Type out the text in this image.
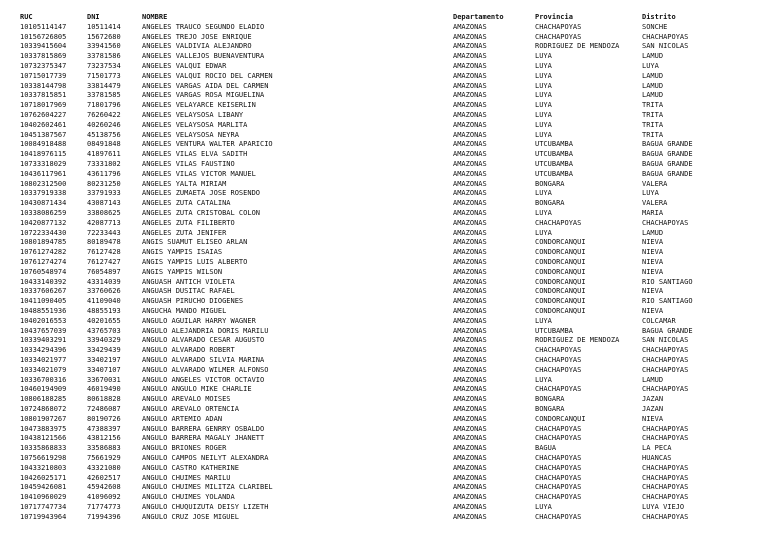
RUC	DNI	NOMBRE	Departamento	Provincia	Distrito
10105114147	10511414	ANGELES TRAUCO SEGUNDO ELADIO	AMAZONAS	CHACHAPOYAS	SONCHE
10156726805	15672680	ANGELES TREJO JOSE ENRIQUE	AMAZONAS	CHACHAPOYAS	CHACHAPOYAS
10339415604	33941560	ANGELES VALDIVIA ALEJANDRO	AMAZONAS	RODRIGUEZ DE MENDOZA	SAN NICOLAS
10337815869	33781586	ANGELES VALLEJOS BUENAVENTURA	AMAZONAS	LUYA	LAMUD
10732375347	73237534	ANGELES VALQUI EDWAR	AMAZONAS	LUYA	LUYA
10715017739	71501773	ANGELES VALQUI ROCIO DEL CARMEN	AMAZONAS	LUYA	LAMUD
10338144798	33814479	ANGELES VARGAS AIDA DEL CARMEN	AMAZONAS	LUYA	LAMUD
10337815851	33781585	ANGELES VARGAS ROSA MIGUELINA	AMAZONAS	LUYA	LAMUD
10718017969	71801796	ANGELES VELAYARCE KEISERLIN	AMAZONAS	LUYA	TRITA
10762604227	76260422	ANGELES VELAYSOSA LIBANY	AMAZONAS	LUYA	TRITA
10402602461	40260246	ANGELES VELAYSOSA MARLITA	AMAZONAS	LUYA	TRITA
10451387567	45138756	ANGELES VELAYSOSA NEYRA	AMAZONAS	LUYA	TRITA
10084918488	08491848	ANGELES VENTURA WALTER APARICIO	AMAZONAS	UTCUBAMBA	BAGUA GRANDE
10418976115	41897611	ANGELES VILAS ELVA SADITH	AMAZONAS	UTCUBAMBA	BAGUA GRANDE
10733318029	73331802	ANGELES VILAS FAUSTINO	AMAZONAS	UTCUBAMBA	BAGUA GRANDE
10436117961	43611796	ANGELES VILAS VICTOR MANUEL	AMAZONAS	UTCUBAMBA	BAGUA GRANDE
10802312500	80231250	ANGELES YALTA MIRIAM	AMAZONAS	BONGARA	VALERA
10337919338	33791933	ANGELES ZUMAETA JOSE ROSENDO	AMAZONAS	LUYA	LUYA
10430871434	43087143	ANGELES ZUTA CATALINA	AMAZONAS	BONGARA	VALERA
10338086259	33808625	ANGELES ZUTA CRISTOBAL COLON	AMAZONAS	LUYA	MARIA
10420877132	42087713	ANGELES ZUTA FILIBERTO	AMAZONAS	CHACHAPOYAS	CHACHAPOYAS
10722334430	72233443	ANGELES ZUTA JENIFER	AMAZONAS	LUYA	LAMUD
10801894785	80189478	ANGIS SUAMUT ELISEO ARLAN	AMAZONAS	CONDORCANQUI	NIEVA
10761274282	76127428	ANGIS YAMPIS ISAIAS	AMAZONAS	CONDORCANQUI	NIEVA
10761274274	76127427	ANGIS YAMPIS LUIS ALBERTO	AMAZONAS	CONDORCANQUI	NIEVA
10760548974	76054897	ANGIS YAMPIS WILSON	AMAZONAS	CONDORCANQUI	NIEVA
10433140392	43314039	ANGUASH ANTICH VIOLETA	AMAZONAS	CONDORCANQUI	RIO SANTIAGO
10337606267	33760626	ANGUASH DUSITAC RAFAEL	AMAZONAS	CONDORCANQUI	NIEVA
10411090405	41109040	ANGUASH PIRUCHO DIOGENES	AMAZONAS	CONDORCANQUI	RIO SANTIAGO
10488551936	48855193	ANGUCHA MANDO MIGUEL	AMAZONAS	CONDORCANQUI	NIEVA
10402016553	40201655	ANGULO AGUILAR HARRY WAGNER	AMAZONAS	LUYA	COLCAMAR
10437657039	43765703	ANGULO ALEJANDRIA DORIS MARILU	AMAZONAS	UTCUBAMBA	BAGUA GRANDE
10339403291	33940329	ANGULO ALVARADO CESAR AUGUSTO	AMAZONAS	RODRIGUEZ DE MENDOZA	SAN NICOLAS
10334294396	33429439	ANGULO ALVARADO ROBERT	AMAZONAS	CHACHAPOYAS	CHACHAPOYAS
10334021977	33402197	ANGULO ALVARADO SILVIA MARINA	AMAZONAS	CHACHAPOYAS	CHACHAPOYAS
10334021079	33407107	ANGULO ALVARADO WILMER ALFONSO	AMAZONAS	CHACHAPOYAS	CHACHAPOYAS
10336700316	33670031	ANGULO ANGELES VICTOR OCTAVIO	AMAZONAS	LUYA	LAMUD
10460194909	46019490	ANGULO ANGULO MIKE CHARLIE	AMAZONAS	CHACHAPOYAS	CHACHAPOYAS
10806188285	80618828	ANGULO AREVALO MOISES	AMAZONAS	BONGARA	JAZAN
10724868072	72486087	ANGULO AREVALO ORTENCIA	AMAZONAS	BONGARA	JAZAN
10801907267	80190726	ANGULO ARTEMIO ADAN	AMAZONAS	CONDORCANQUI	NIEVA
10473883975	47388397	ANGULO BARRERA GENRRY OSBALDO	AMAZONAS	CHACHAPOYAS	CHACHAPOYAS
10438121566	43812156	ANGULO BARRERA MAGALY JHANETT	AMAZONAS	CHACHAPOYAS	CHACHAPOYAS
10335868833	33586883	ANGULO BRIONES ROGER	AMAZONAS	BAGUA	LA PECA
10756619298	75661929	ANGULO CAMPOS NEILYT ALEXANDRA	AMAZONAS	CHACHAPOYAS	HUANCAS
10433210803	43321080	ANGULO CASTRO KATHERINE	AMAZONAS	CHACHAPOYAS	CHACHAPOYAS
10426025171	42602517	ANGULO CHUIMES MARILU	AMAZONAS	CHACHAPOYAS	CHACHAPOYAS
10459426081	45942608	ANGULO CHUIMES MILITZA CLARIBEL	AMAZONAS	CHACHAPOYAS	CHACHAPOYAS
10410960029	41096092	ANGULO CHUIMES YOLANDA	AMAZONAS	CHACHAPOYAS	CHACHAPOYAS
10717747734	71774773	ANGULO CHUQUIZUTA DEISY LIZETH	AMAZONAS	LUYA	LUYA VIEJO
10719943964	71994396	ANGULO CRUZ JOSE MIGUEL	AMAZONAS	CHACHAPOYAS	CHACHAPOYAS
